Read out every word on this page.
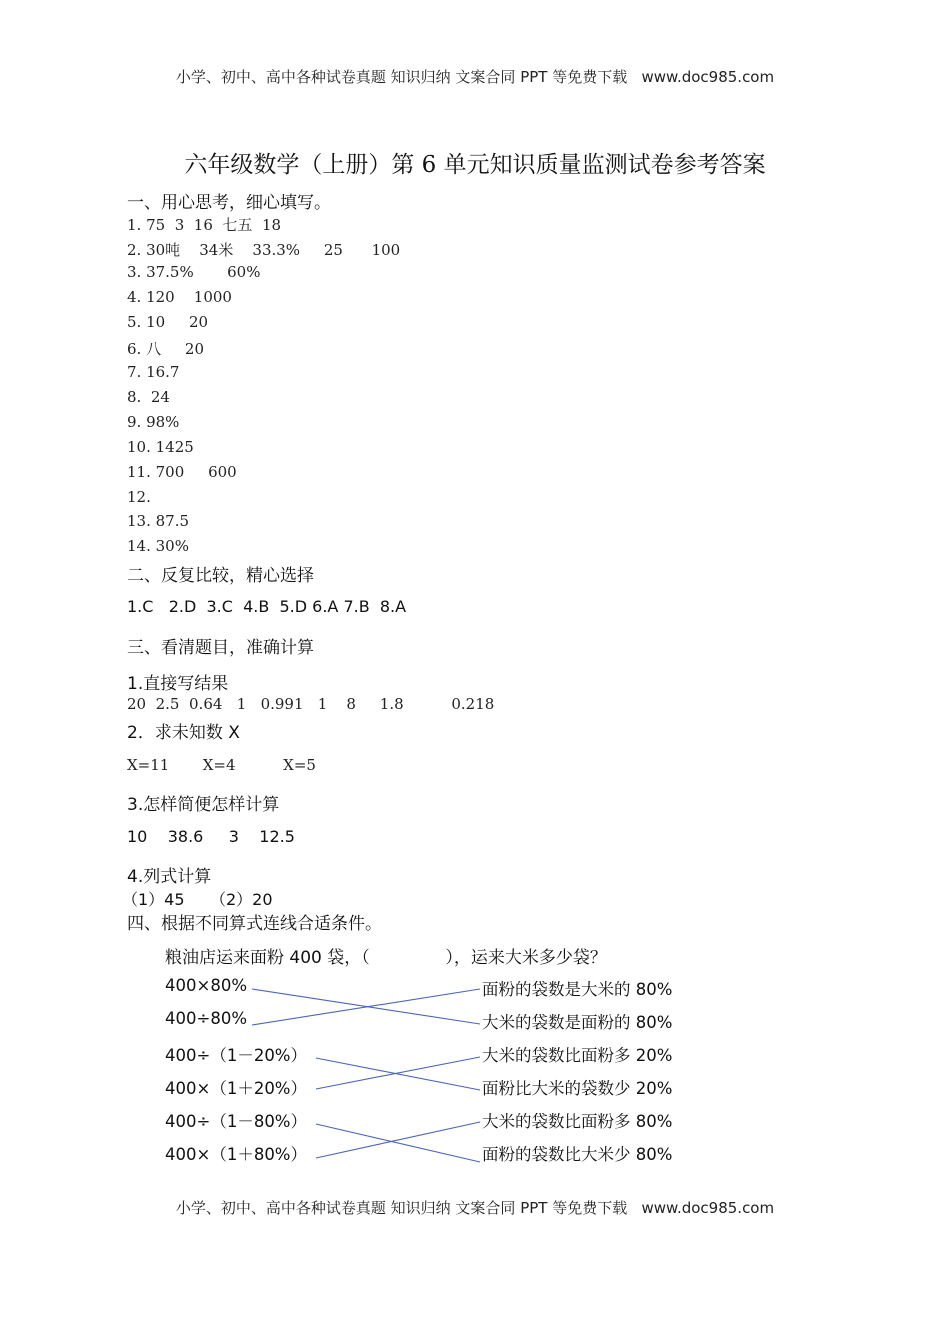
小学、初中、高中各种试卷真题 知识归纳 文案合同 PPT 等免费下载   www.doc985.com
六年级数学（上册）第 6 单元知识质量监测试卷参考答案
一、用心思考，细心填写。
1. 75  3  16  七五  18
2. 30吨    34米    33.3%     25      100
3. 37.5%       60%
4. 120    1000
5. 10     20
6. 八     20
7. 16.7
8.  24
9. 98%
10. 1425
11. 700     600
12.
13. 87.5
14. 30%
二、反复比较，精心选择
1.C   2.D  3.C  4.B  5.D 6.A 7.B  8.A
三、看清题目，准确计算
1.直接写结果
20  2.5  0.64   1   0.991   1    8     1.8          0.218
2．求未知数 X
X=11       X=4          X=5
3.怎样简便怎样计算
10    38.6     3    12.5
4.列式计算
（1）45     （2）20
四、根据不同算式连线合适条件。
粮油店运来面粉 400 袋，（              ），运来大米多少袋？
400×80%
400÷80%
400÷（1－20%）
400×（1＋20%）
400÷（1－80%）
400×（1＋80%）
面粉的袋数是大米的 80%
大米的袋数是面粉的 80%
大米的袋数比面粉多 20%
面粉比大米的袋数少 20%
大米的袋数比面粉多 80%
面粉的袋数比大米少 80%
小学、初中、高中各种试卷真题 知识归纳 文案合同 PPT 等免费下载   www.doc985.com
